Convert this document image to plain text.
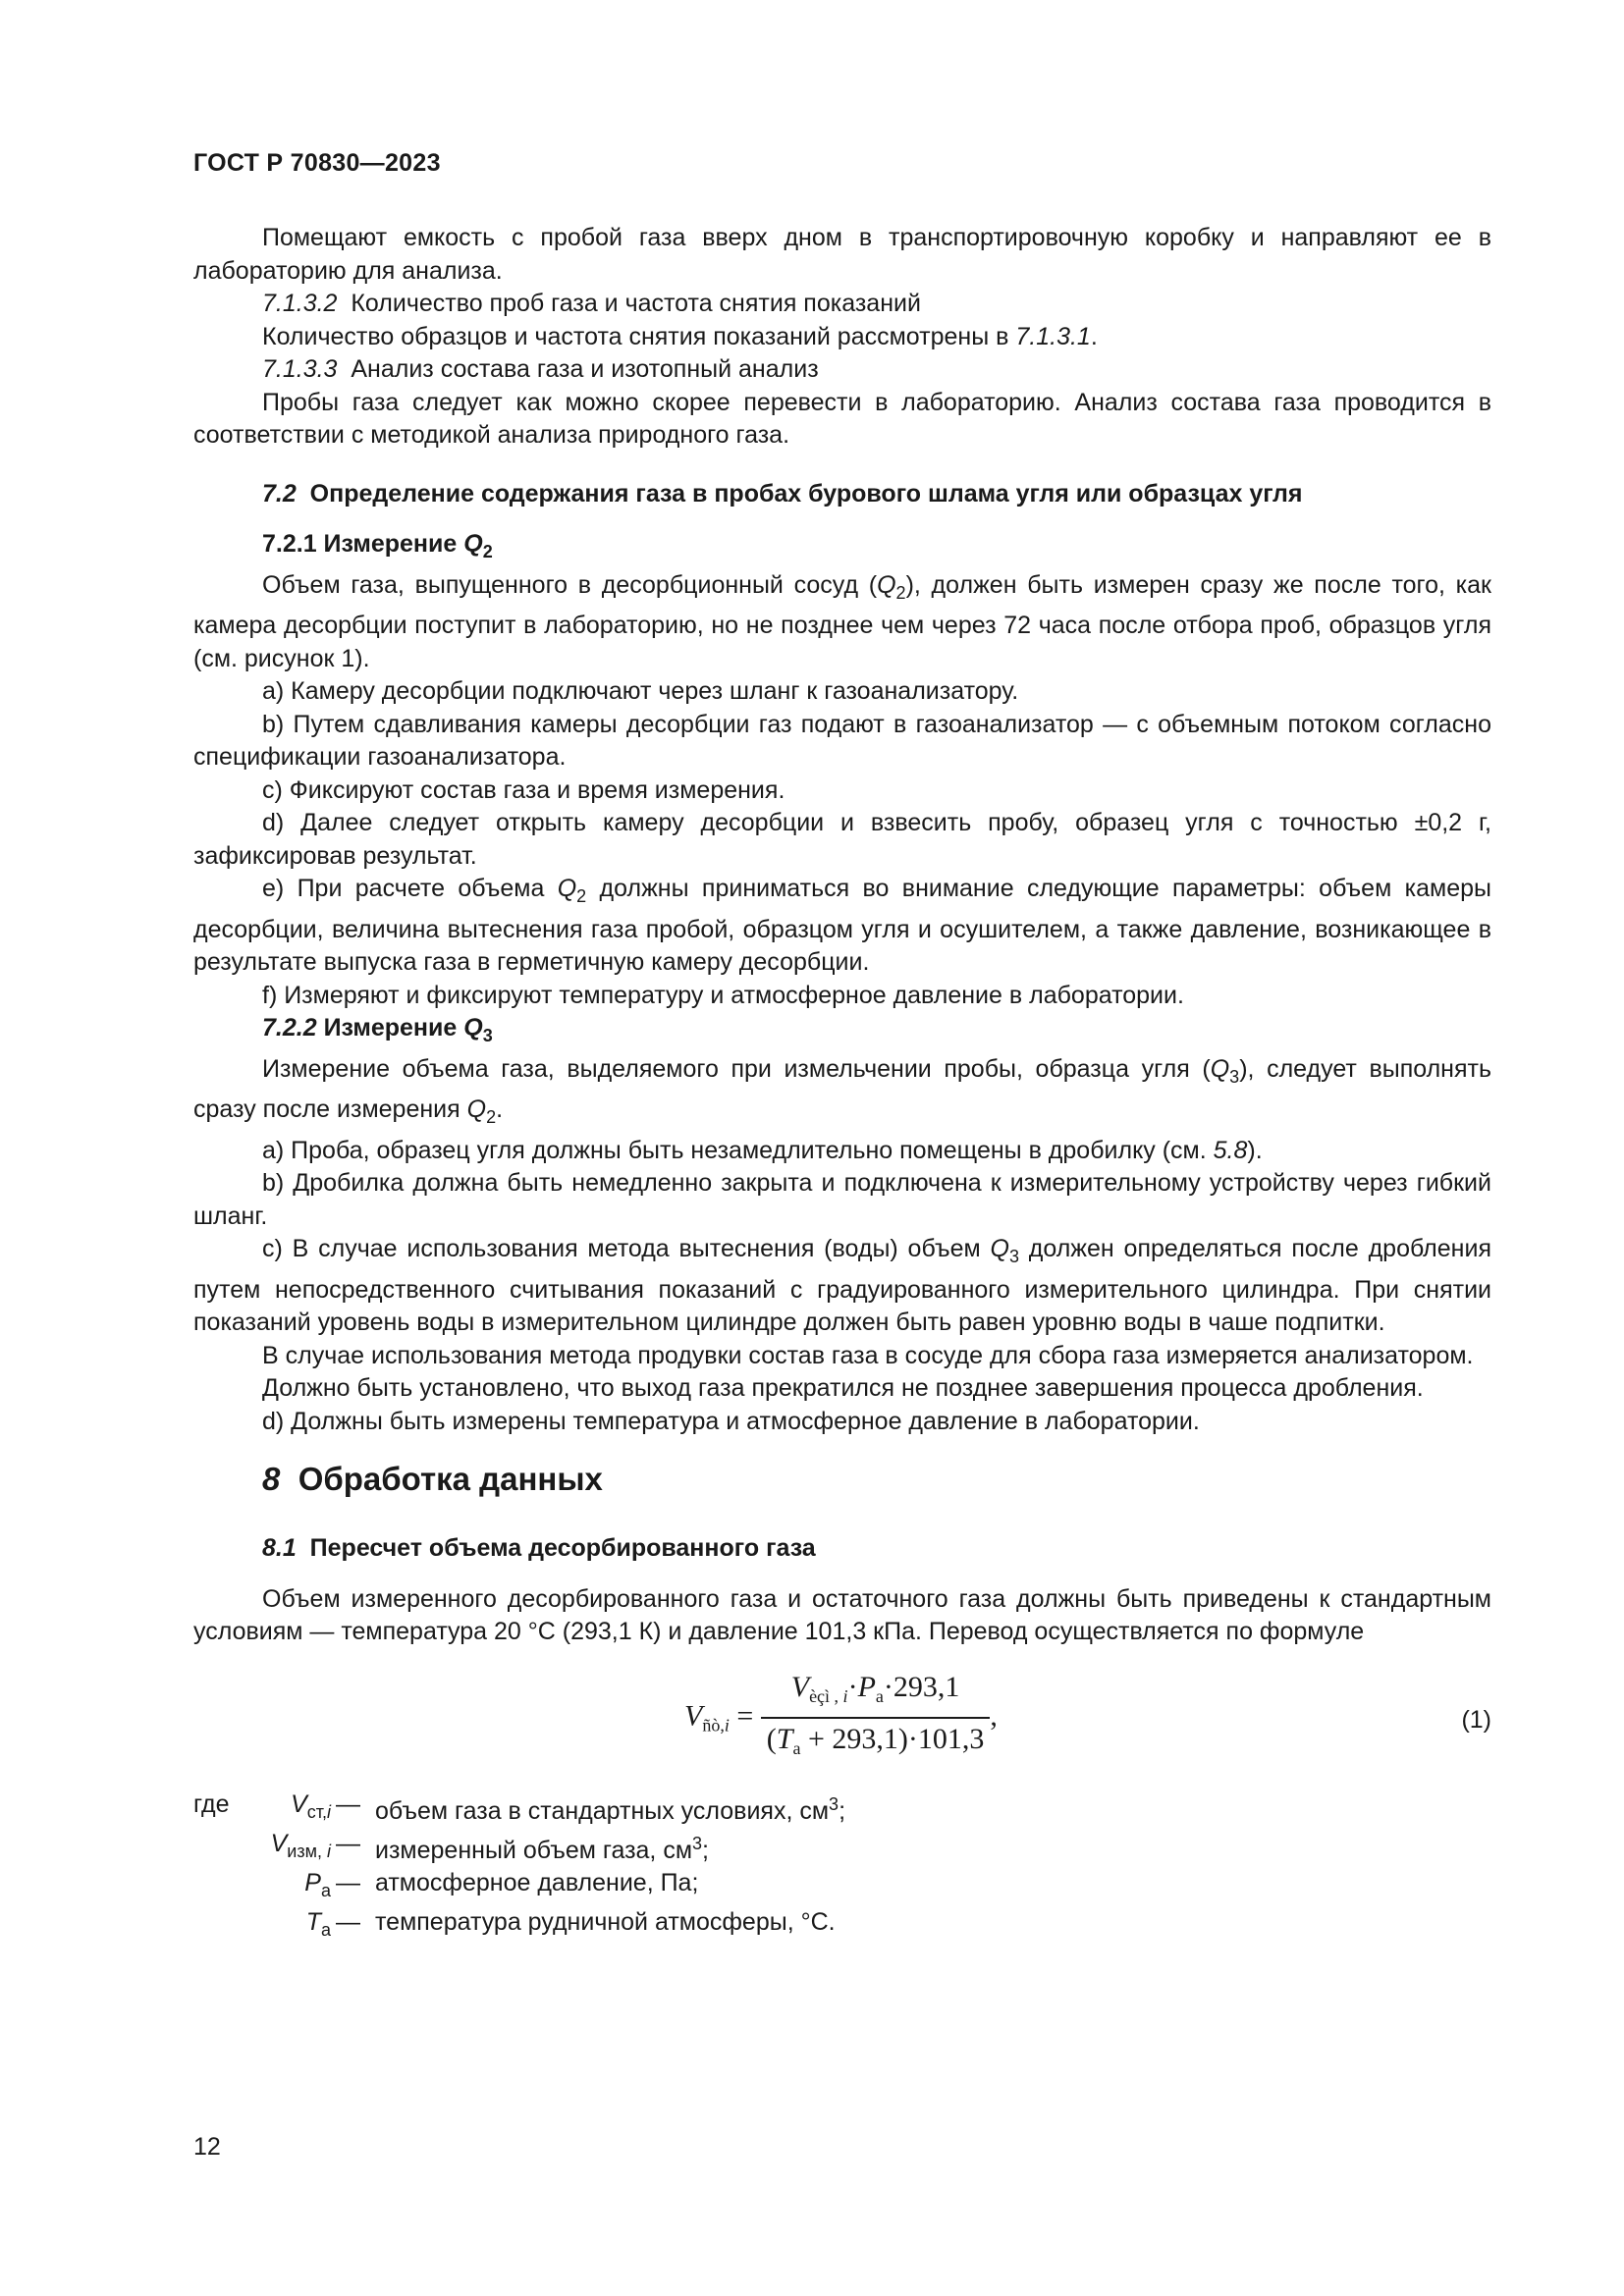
ГОСТ Р 70830—2023

Помещают емкость с пробой газа вверх дном в транспортировочную коробку и направляют ее в лабораторию для анализа.

7.1.3.2 Количество проб газа и частота снятия показаний

Количество образцов и частота снятия показаний рассмотрены в 7.1.3.1.

7.1.3.3 Анализ состава газа и изотопный анализ

Пробы газа следует как можно скорее перевести в лабораторию. Анализ состава газа проводится в соответствии с методикой анализа природного газа.

7.2 Определение содержания газа в пробах бурового шлама угля или образцах угля

7.2.1 Измерение $Q_2$

Объем газа, выпущенного в десорбционный сосуд $(Q_2)$, должен быть измерен сразу же после того, как камера десорбции поступит в лабораторию, но не позднее чем через 72 часа после отбора проб, образцов угля (см. рисунок 1).

a) Камеру десорбции подключают через шланг к газоанализатору.

b) Путем сдавливания камеры десорбции газ подают в газоанализатор — с объемным потоком согласно спецификации газоанализатора.

c) Фиксируют состав газа и время измерения.

d) Далее следует открыть камеру десорбции и взвесить пробу, образец угля с точностью ±0,2 г, зафиксировав результат.

e) При расчете объема $Q_2$ должны приниматься во внимание следующие параметры: объем камеры десорбции, величина вытеснения газа пробой, образцом угля и осушителем, а также давление, возникающее в результате выпуска газа в герметичную камеру десорбции.

f) Измеряют и фиксируют температуру и атмосферное давление в лаборатории.

7.2.2 Измерение $Q_3$

Измерение объема газа, выделяемого при измельчении пробы, образца угля $(Q_3)$, следует выполнять сразу после измерения $Q_2$.

a) Проба, образец угля должны быть незамедлительно помещены в дробилку (см. 5.8).

b) Дробилка должна быть немедленно закрыта и подключена к измерительному устройству через гибкий шланг.

c) В случае использования метода вытеснения (воды) объем $Q_3$ должен определяться после дробления путем непосредственного считывания показаний с градуированного измерительного цилиндра. При снятии показаний уровень воды в измерительном цилиндре должен быть равен уровню воды в чаше подпитки.

В случае использования метода продувки состав газа в сосуде для сбора газа измеряется анализатором.

Должно быть установлено, что выход газа прекратился не позднее завершения процесса дробления.

d) Должны быть измерены температура и атмосферное давление в лаборатории.

8 Обработка данных

8.1 Пересчет объема десорбированного газа

Объем измеренного десорбированного газа и остаточного газа должны быть приведены к стандартным условиям — температура 20 °C (293,1 К) и давление 101,3 кПа. Перевод осуществляется по формуле

$V_{ñò,i} = \frac{V_{èçì , i}\cdot P_a\cdot 293,1}{(T_a + 293,1)\cdot 101,3}$ ,	(1)
где	$V_{ст,i}$ — объем газа в стандартных условиях, $см^3$;
$V_{изм, i}$ — измеренный объем газа, $см^3$;
$P_a$ — атмосферное давление, Па;
$T_a$ — температура рудничной атмосферы, °С.
12
